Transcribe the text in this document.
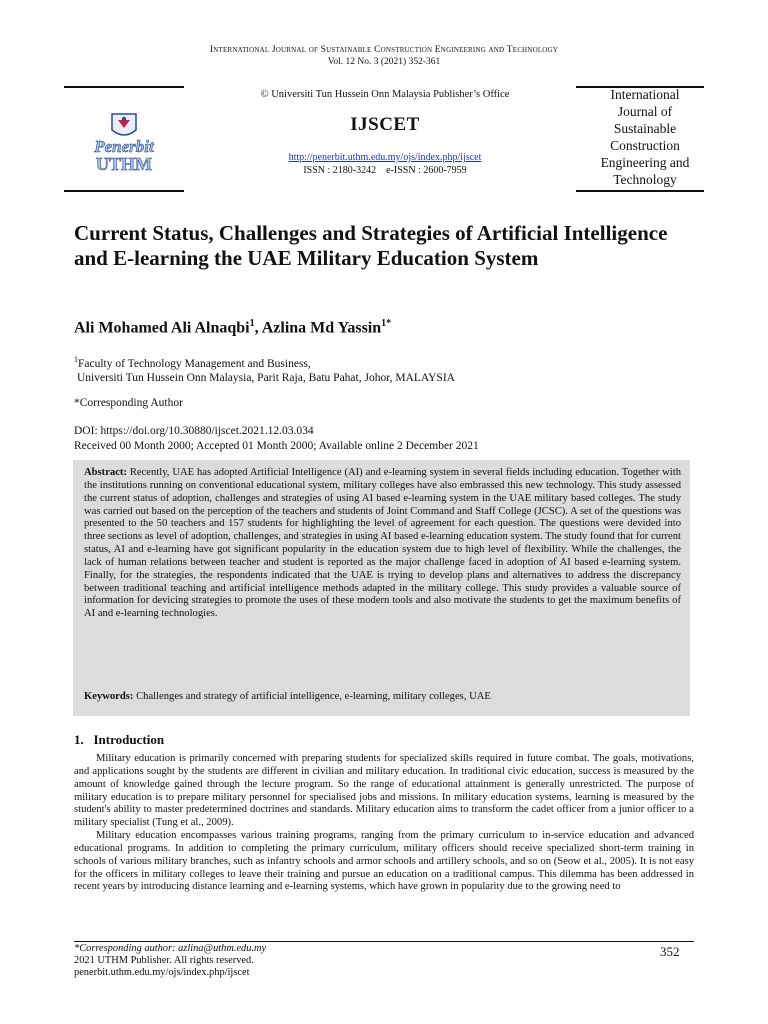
International Journal of Sustainable Construction Engineering and Technology
Vol. 12 No. 3 (2021) 352-361
Penerbit
UTHM
© Universiti Tun Hussein Onn Malaysia Publisher’s Office
IJSCET
http://penerbit.uthm.edu.my/ojs/index.php/ijscet
ISSN : 2180-3242    e-ISSN : 2600-7959
International
Journal of
Sustainable
Construction
Engineering and
Technology
Current Status, Challenges and Strategies of Artificial Intelligence and E-learning the UAE Military Education System
Ali Mohamed Ali Alnaqbi$^1$, Azlina Md Yassin$^{1*}$
$^1$Faculty of Technology Management and Business,
Universiti Tun Hussein Onn Malaysia, Parit Raja, Batu Pahat, Johor, MALAYSIA
*Corresponding Author
DOI: https://doi.org/10.30880/ijscet.2021.12.03.034
Received 00 Month 2000; Accepted 01 Month 2000; Available online 2 December 2021
Abstract: Recently, UAE has adopted Artificial Intelligence (AI) and e-learning system in several fields including education. Together with the institutions running on conventional educational system, military colleges have also embrassed this new technology. This study assessed the current status of adoption, challenges and strategies of using AI based e-learning system in the UAE military based colleges. The study was carried out based on the perception of the teachers and students of Joint Command and Staff College (JCSC). A set of the questions was presented to the 50 teachers and 157 students for highlighting the level of agreement for each question. The questions were devided into three sections as level of adoption, challenges, and strategies in using AI based e-learning education system. The study found that for current status, AI and e-learning have got significant popularity in the education system due to high level of flexibility. While the challenges, the lack of human relations between teacher and student is reported as the major challenge faced in adoption of AI based e-learning system. Finally, for the strategies, the respondents indicated that the UAE is trying to develop plans and alternatives to address the discrepancy between traditional teaching and artificial intelligence methods adapted in the military college. This study provides a valuable source of information for devicing strategies to promote the uses of these modern tools and also motivate the students to get the maximum benefits of AI and e-learning technologies.
Keywords: Challenges and strategy of artificial intelligence, e-learning, military colleges, UAE
1.   Introduction

Military education is primarily concerned with preparing students for specialized skills required in future combat. The goals, motivations, and applications sought by the students are different in civilian and military education. In traditional civic education, success is measured by the amount of knowledge gained through the lecture program. So the range of educational attainment is generally unrestricted. The purpose of military education is to prepare military personnel for specialised jobs and missions. In military education systems, learning is measured by the student's ability to master predetermined doctrines and standards. Military education aims to transform the cadet officer from a junior officer to a military specialist (Tung et al., 2009).

Military education encompasses various training programs, ranging from the primary curriculum to in-service education and advanced educational programs. In addition to completing the primary curriculum, military officers should receive specialized short-term training in schools of various military branches, such as infantry schools and armor schools and artillery schools, and so on (Seow et al., 2005). It is not easy for the officers in military colleges to leave their training and pursue an education on a traditional campus. This dilemma has been addressed in recent years by introducing distance learning and e-learning systems, which have grown in popularity due to the growing need to

*Corresponding author: azlina@uthm.edu.my
2021 UTHM Publisher. All rights reserved.
penerbit.uthm.edu.my/ojs/index.php/ijscet
352
